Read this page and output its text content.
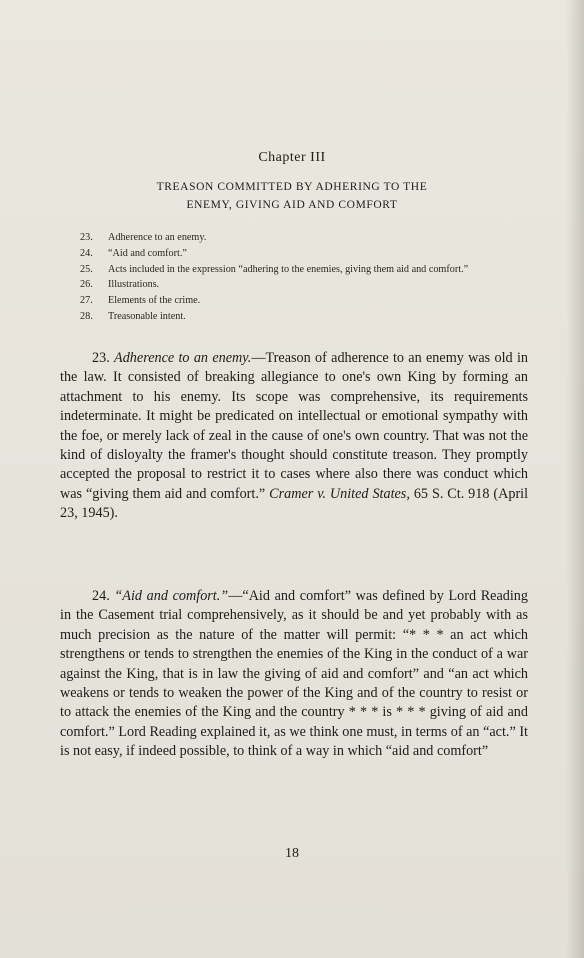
Chapter III
TREASON COMMITTED BY ADHERING TO THE
ENEMY, GIVING AID AND COMFORT
23. Adherence to an enemy.
24. “Aid and comfort.”
25. Acts included in the expression “adhering to the enemies, giving them aid and comfort.”
26. Illustrations.
27. Elements of the crime.
28. Treasonable intent.

23. Adherence to an enemy.—Treason of adherence to an enemy was old in the law. It consisted of breaking allegiance to one's own King by forming an attachment to his enemy. Its scope was comprehensive, its requirements indeterminate. It might be predicated on intellectual or emotional sympathy with the foe, or merely lack of zeal in the cause of one's own country. That was not the kind of disloyalty the framer's thought should constitute treason. They promptly accepted the proposal to restrict it to cases where also there was conduct which was “giving them aid and comfort.” Cramer v. United States, 65 S. Ct. 918 (April 23, 1945).

24. “Aid and comfort.”—“Aid and comfort” was defined by Lord Reading in the Casement trial comprehensively, as it should be and yet probably with as much precision as the nature of the matter will permit: “* * * an act which strengthens or tends to strengthen the enemies of the King in the conduct of a war against the King, that is in law the giving of aid and comfort” and “an act which weakens or tends to weaken the power of the King and of the country to resist or to attack the enemies of the King and the country * * * is * * * giving of aid and comfort.” Lord Reading explained it, as we think one must, in terms of an “act.” It is not easy, if indeed possible, to think of a way in which “aid and comfort”

18
